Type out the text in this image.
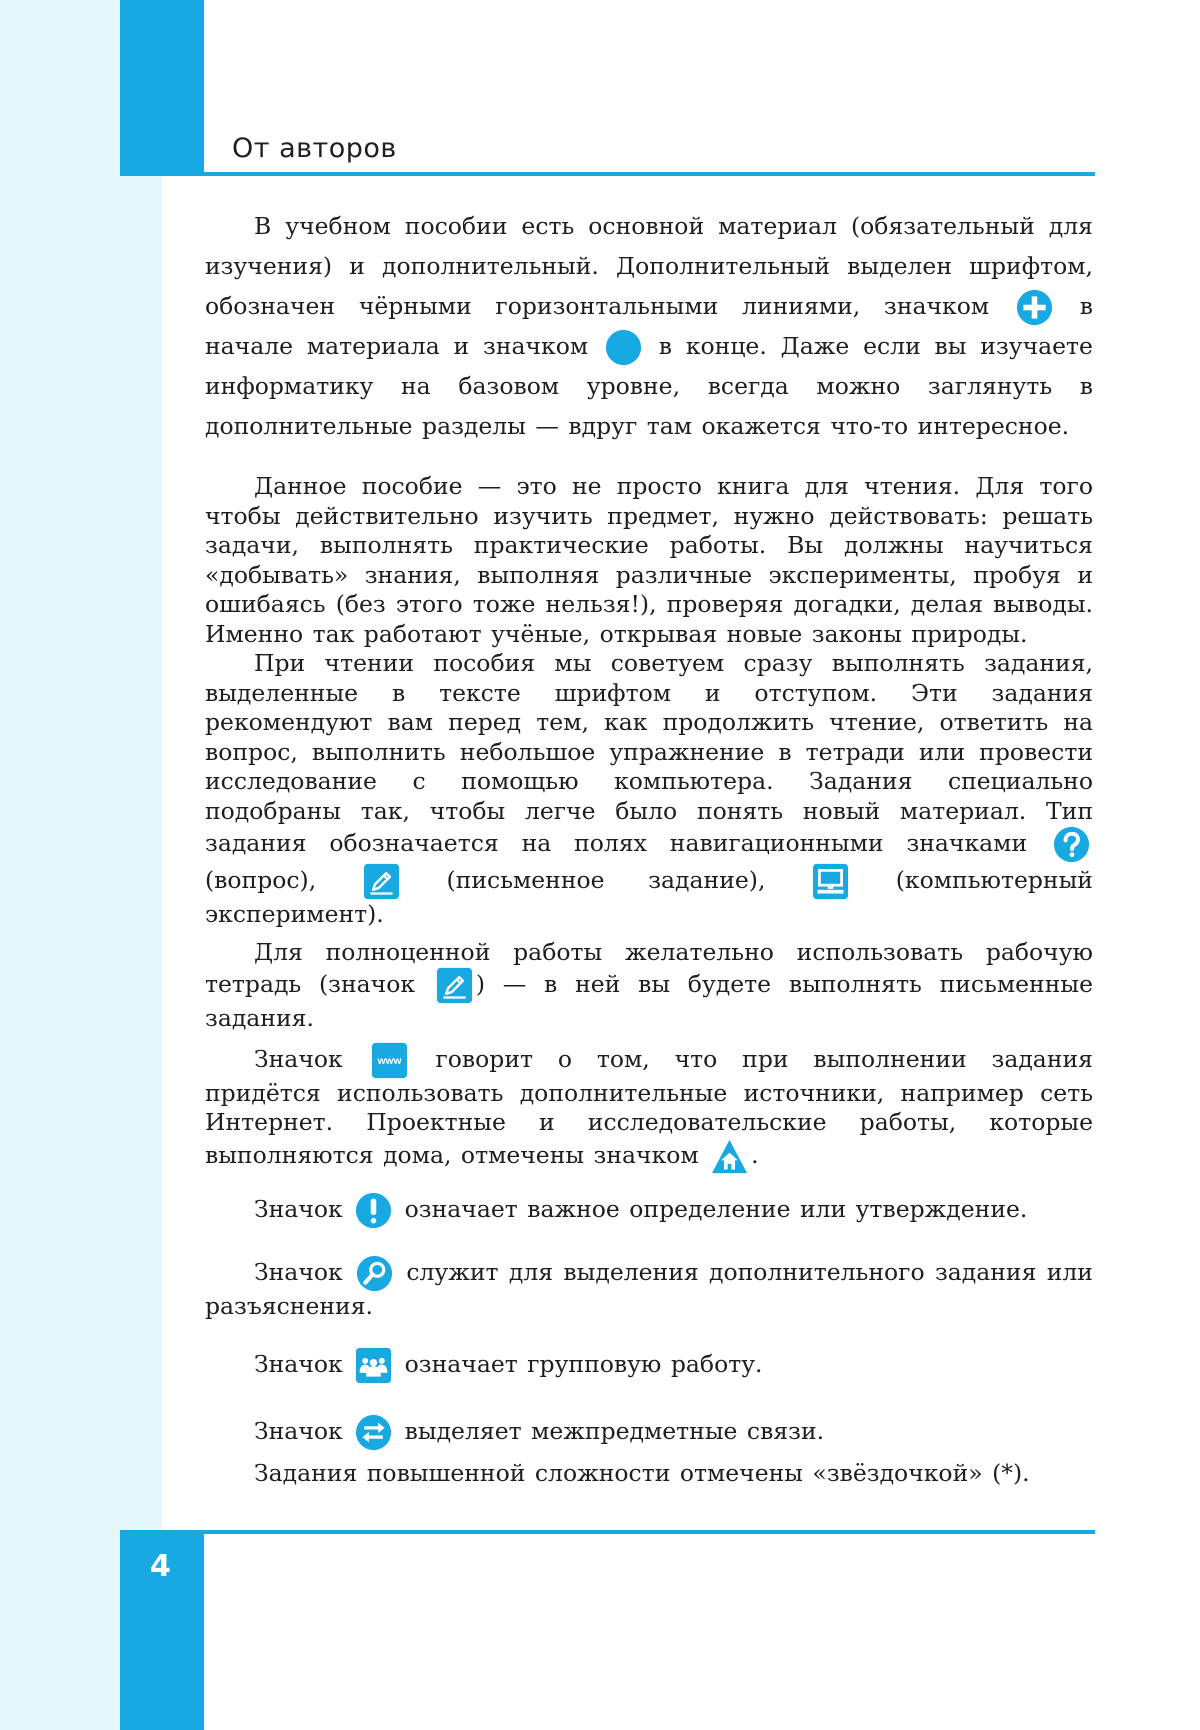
От авторов
4

В учебном пособии есть основной материал (обязательный для изучения) и дополнительный. Дополнительный выделен шрифтом, обозначен чёрными горизонтальными линиями, значком	в начале материала и значком	в конце. Даже если вы изучаете информатику на базовом уровне, всегда можно заглянуть в дополнительные разделы — вдруг там окажется что-то интересное.

Данное пособие — это не просто книга для чтения. Для того чтобы действительно изучить предмет, нужно действовать: решать задачи, выполнять практические работы. Вы должны научиться «добывать» знания, выполняя различные эксперименты, пробуя и ошибаясь (без этого тоже нельзя!), проверяя догадки, делая выводы. Именно так работают учёные, открывая новые законы природы.

При чтении пособия мы советуем сразу выполнять задания, выделенные в тексте шрифтом и отступом. Эти задания рекомендуют вам перед тем, как продолжить чтение, ответить на вопрос, выполнить небольшое упражнение в тетради или провести исследование с помощью компьютера. Задания специально подобраны так, чтобы легче было понять новый материал. Тип задания обозначается на полях навигационными значками
(вопрос),	(письменное задание),	(компьютерный эксперимент).

Для полноценной работы желательно использовать рабочую тетрадь (значок	) — в ней вы будете выполнять письменные задания.

Значок	www говорит о том, что при выполнении задания придётся использовать дополнительные источники, например сеть Интернет. Проектные и исследовательские работы, которые выполняются дома, отмечены значком .

Значок	означает важное определение или утверждение.

Значок	служит для выделения дополнительного задания или разъяснения.

Значок	означает групповую работу.

Значок	выделяет межпредметные связи.

Задания повышенной сложности отмечены «звёздочкой» (*).
